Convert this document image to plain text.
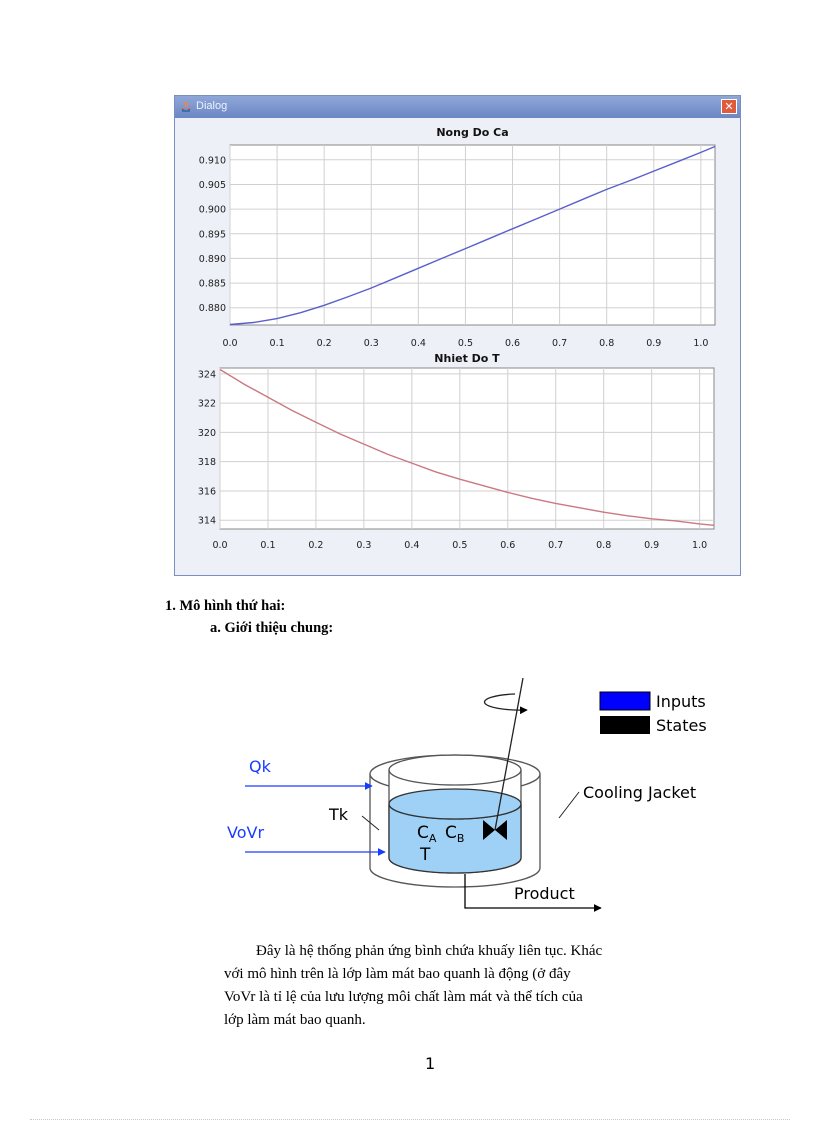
Dialog	✕
Nong Do Ca
0.0	0.1	0.2	0.3	0.4	0.5	0.6	0.7	0.8	0.9	1.0
0.880
0.885
0.890
0.895
0.900
0.905
0.910
Nhiet Do T
0.0	0.1	0.2	0.3	0.4	0.5	0.6	0.7	0.8	0.9	1.0
314
316
318
320
322
324
1. Mô hình thứ hai:
a. Giới thiệu chung:
Inputs
States
Qk
VoVr
Tk
$C_A$ $C_B$
T
Cooling Jacket
Product
Đây là hệ thống phản ứng bình chứa khuấy liên tục. Khác
với mô hình trên là lớp làm mát bao quanh là động (ở đây
VoVr là tỉ lệ của lưu lượng môi chất làm mát và thể tích của
lớp làm mát bao quanh.
1
